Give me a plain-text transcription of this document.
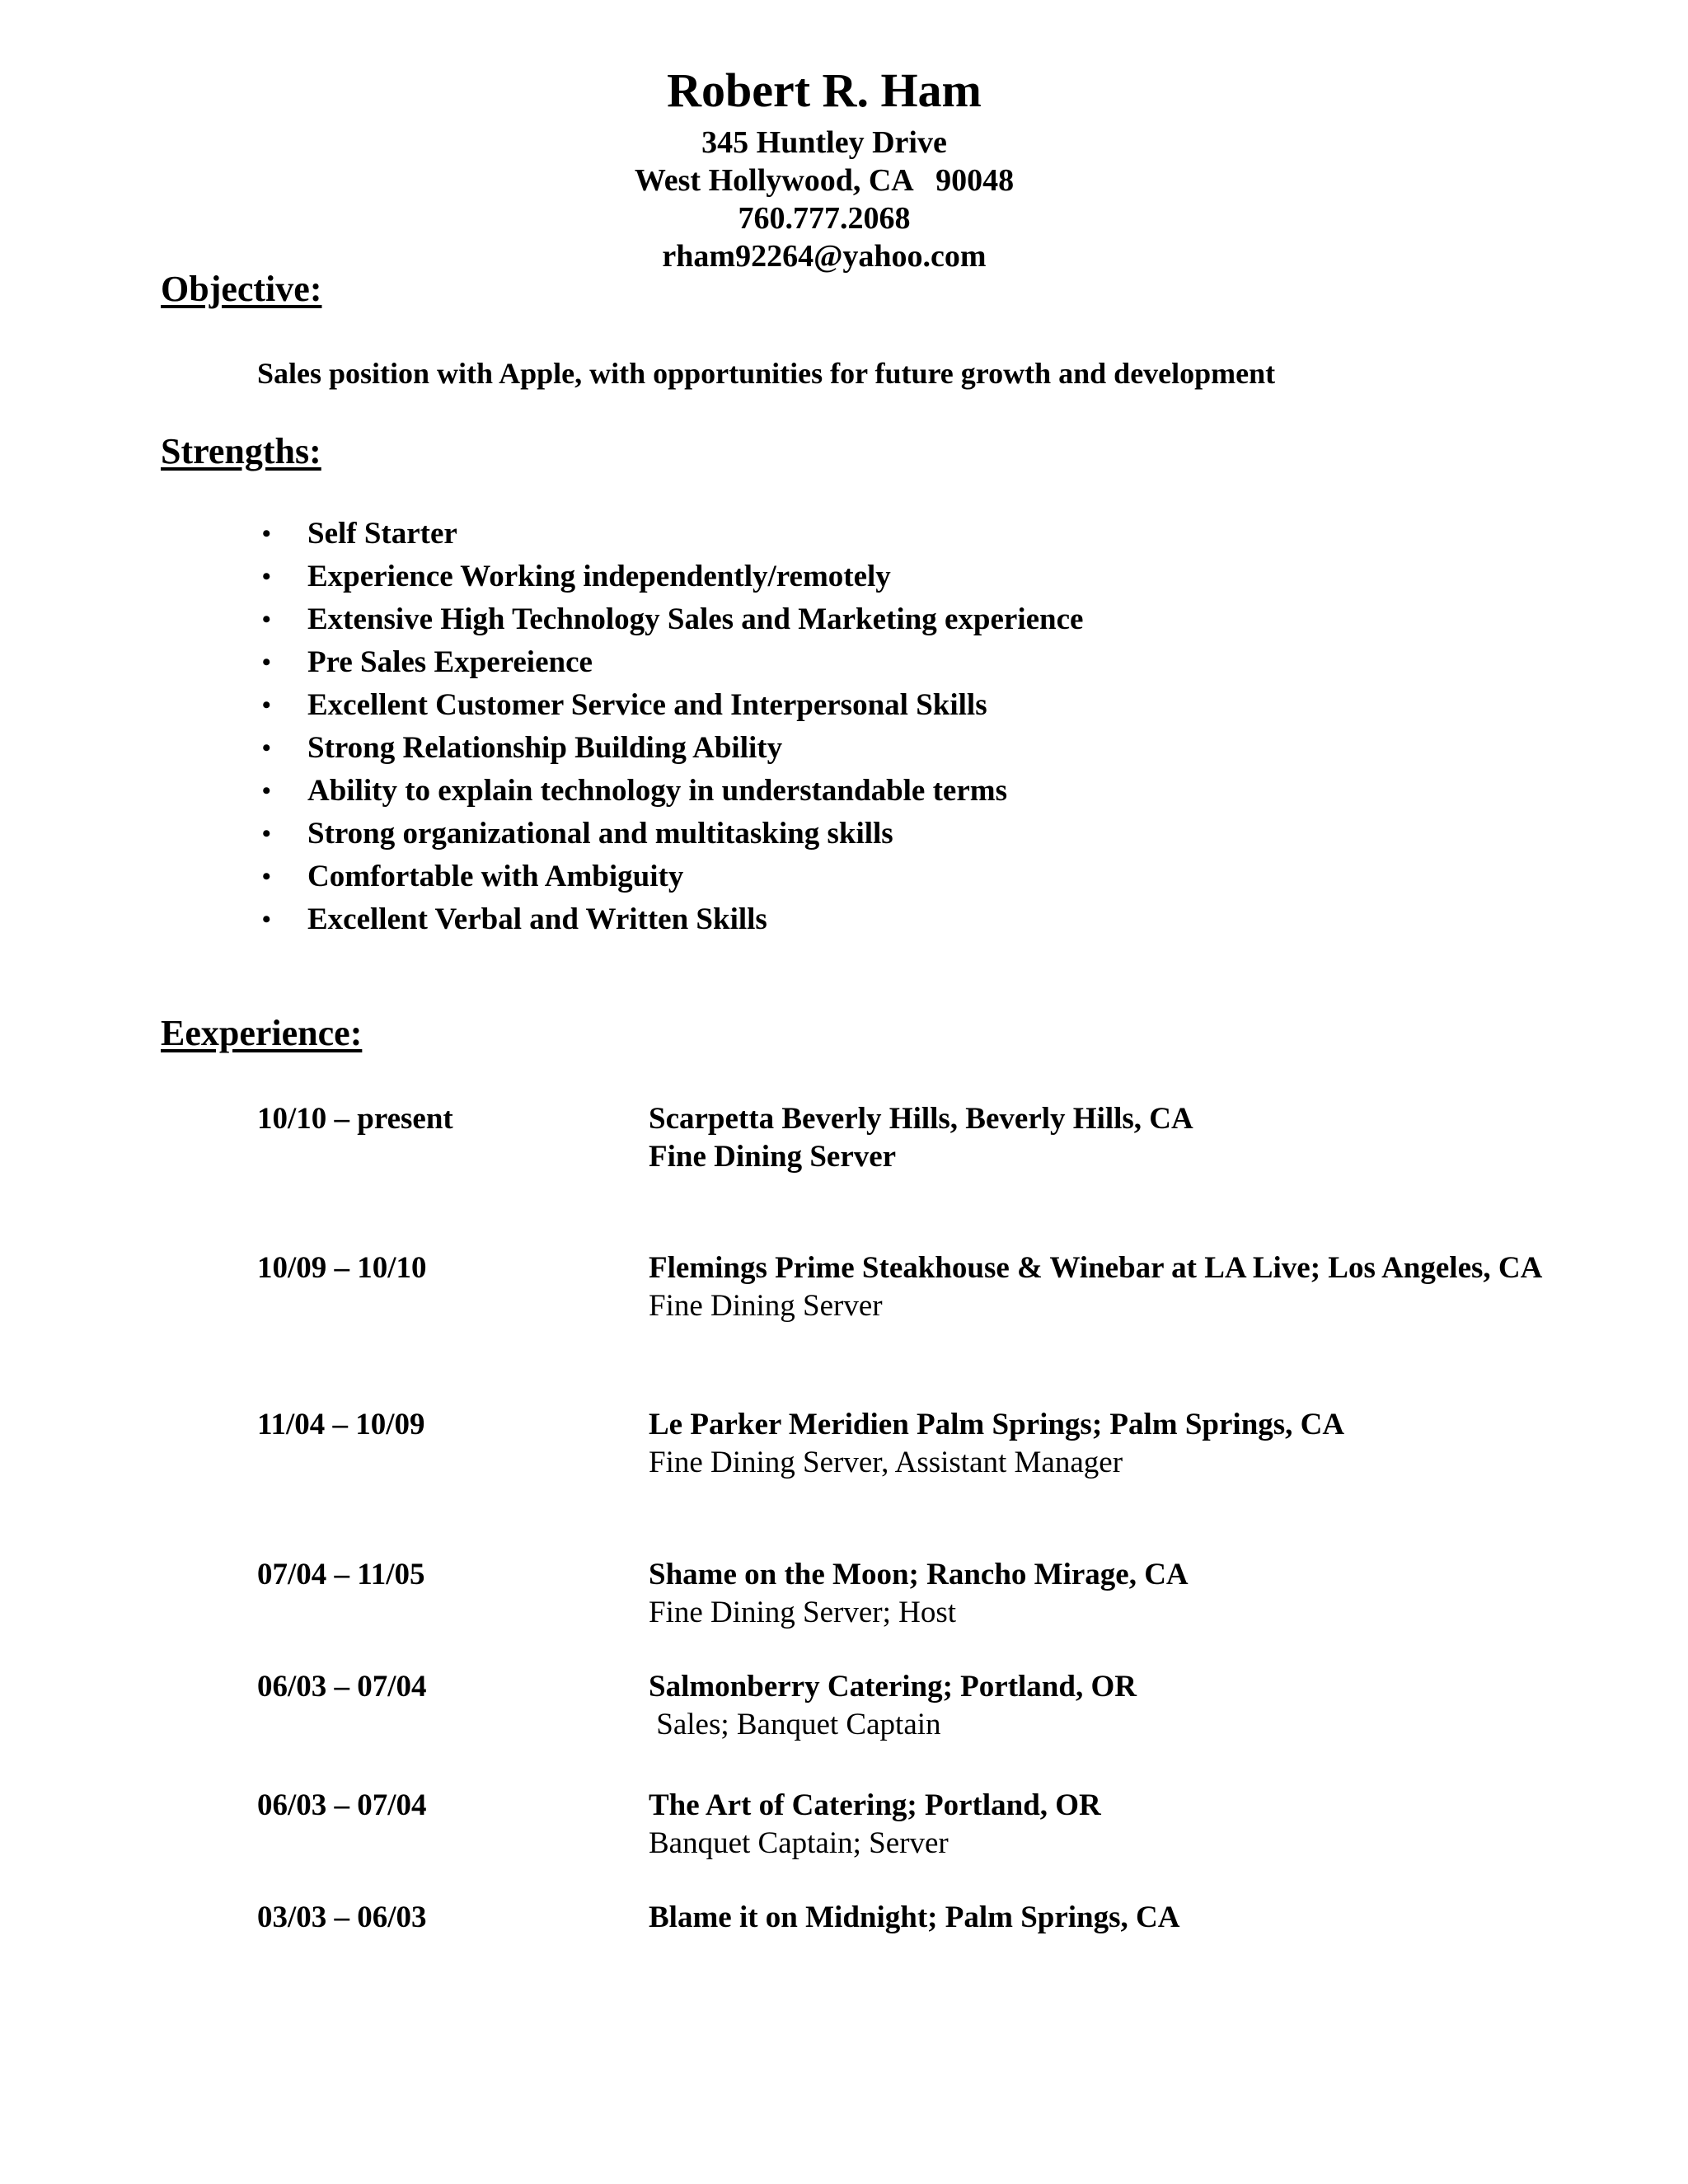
Robert R. Ham

345 Huntley Drive

West Hollywood, CA   90048

760.777.2068

rham92264@yahoo.com

Objective:

Sales position with Apple, with opportunities for future growth and development

Strengths:

• Self Starter
• Experience Working independently/remotely
• Extensive High Technology Sales and Marketing experience
• Pre Sales Expereience
• Excellent Customer Service and Interpersonal Skills
• Strong Relationship Building Ability
• Ability to explain technology in understandable terms
• Strong organizational and multitasking skills
• Comfortable with Ambiguity
• Excellent Verbal and Written Skills

Eexperience:

10/10 – present	Scarpetta Beverly Hills, Beverly Hills, CA

Fine Dining Server

10/09 – 10/10	Flemings Prime Steakhouse & Winebar at LA Live; Los Angeles, CA

Fine Dining Server

11/04 – 10/09	Le Parker Meridien Palm Springs; Palm Springs, CA

Fine Dining Server, Assistant Manager

07/04 – 11/05	Shame on the Moon; Rancho Mirage, CA

Fine Dining Server; Host

06/03 – 07/04	Salmonberry Catering; Portland, OR

Sales; Banquet Captain

06/03 – 07/04	The Art of Catering; Portland, OR

Banquet Captain; Server

03/03 – 06/03	Blame it on Midnight; Palm Springs, CA
